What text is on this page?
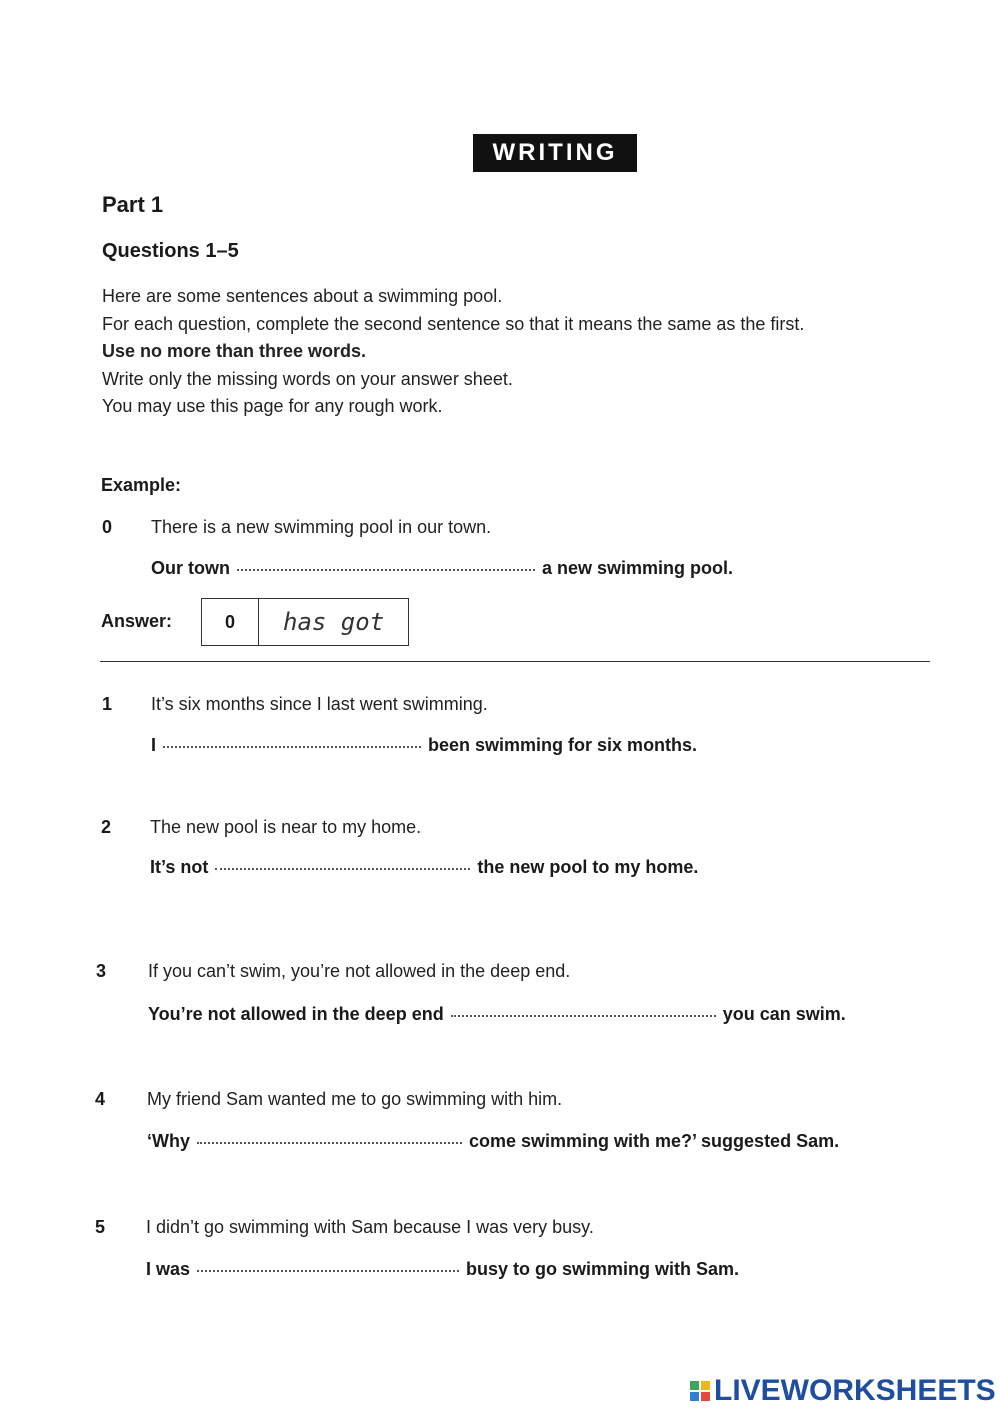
WRITING
Part 1
Questions 1–5
Here are some sentences about a swimming pool.
For each question, complete the second sentence so that it means the same as the first.
Use no more than three words.
Write only the missing words on your answer sheet.
You may use this page for any rough work.
Example:
0 There is a new swimming pool in our town.
Our town	a new swimming pool.
Answer:	0	has got
1 It’s six months since I last went swimming.
I	been swimming for six months.
2 The new pool is near to my home.
It’s not	the new pool to my home.
3 If you can’t swim, you’re not allowed in the deep end.
You’re not allowed in the deep end	you can swim.
4 My friend Sam wanted me to go swimming with him.
‘Why	come swimming with me?’ suggested Sam.
5 I didn’t go swimming with Sam because I was very busy.
I was	busy to go swimming with Sam.
LIVEWORKSHEETS
